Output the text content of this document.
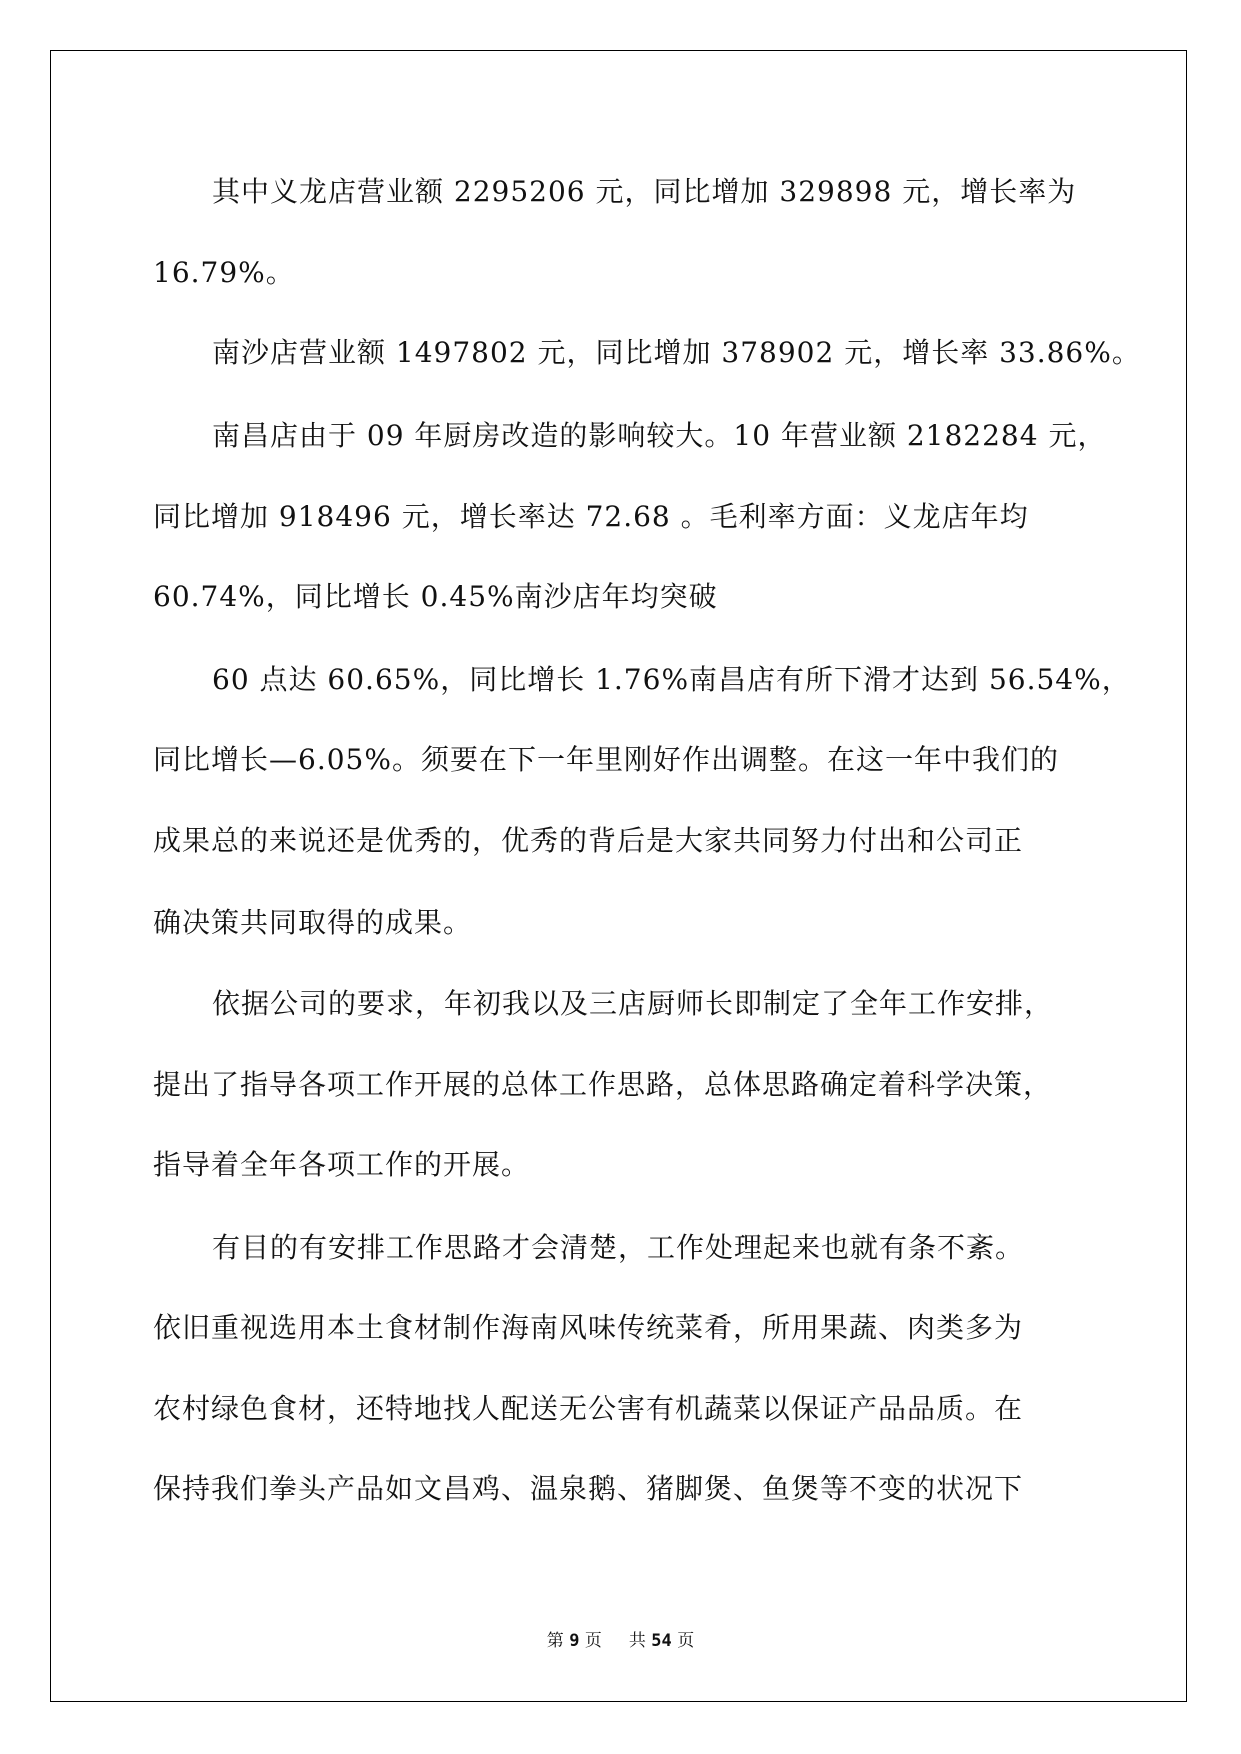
其中义龙店营业额 2295206 元，同比增加 329898 元，增长率为
16.79%。
南沙店营业额 1497802 元，同比增加 378902 元，增长率 33.86%。
南昌店由于 09 年厨房改造的影响较大。10 年营业额 2182284 元，
同比增加 918496 元，增长率达 72.68 。毛利率方面：义龙店年均
60.74%，同比增长 0.45%南沙店年均突破
60 点达 60.65%，同比增长 1.76%南昌店有所下滑才达到 56.54%，
同比增长—6.05%。须要在下一年里刚好作出调整。在这一年中我们的
成果总的来说还是优秀的，优秀的背后是大家共同努力付出和公司正
确决策共同取得的成果。
依据公司的要求，年初我以及三店厨师长即制定了全年工作安排，
提出了指导各项工作开展的总体工作思路，总体思路确定着科学决策，
指导着全年各项工作的开展。
有目的有安排工作思路才会清楚，工作处理起来也就有条不紊。
依旧重视选用本土食材制作海南风味传统菜肴，所用果蔬、肉类多为
农村绿色食材，还特地找人配送无公害有机蔬菜以保证产品品质。在
保持我们拳头产品如文昌鸡、温泉鹅、猪脚煲、鱼煲等不变的状况下
第 9 页 共 54 页
